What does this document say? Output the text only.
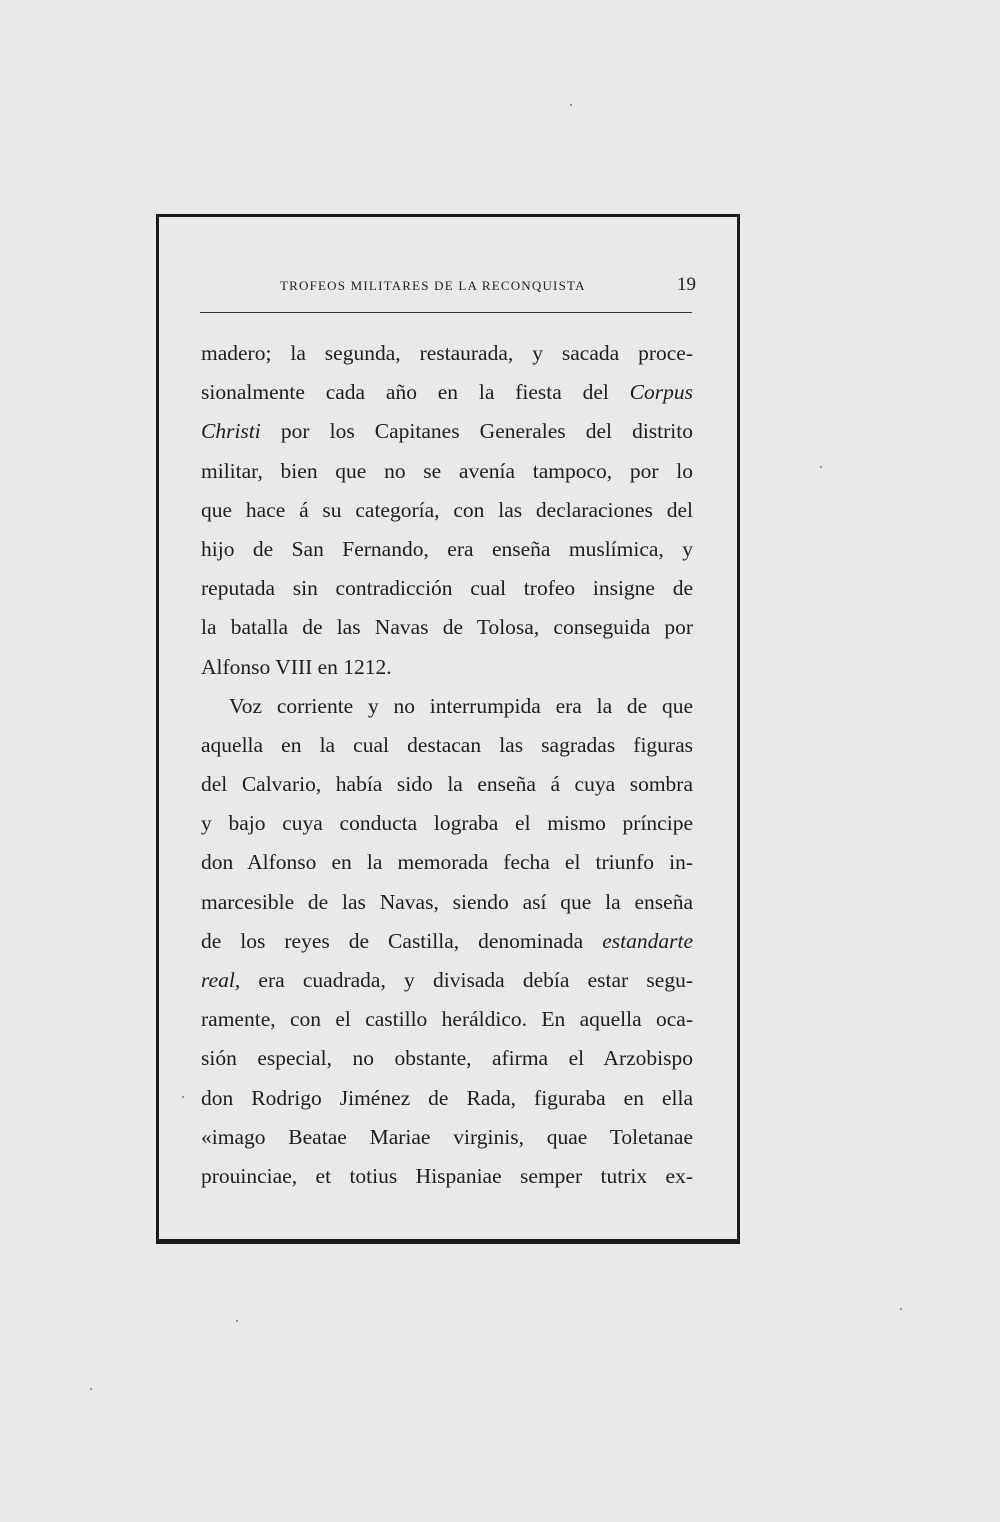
TROFEOS MILITARES DE LA RECONQUISTA	19
madero; la segunda, restaurada, y sacada proce-
sionalmente cada año en la fiesta del Corpus
Christi por los Capitanes Generales del distrito
militar, bien que no se avenía tampoco, por lo
que hace á su categoría, con las declaraciones del
hijo de San Fernando, era enseña muslímica, y
reputada sin contradicción cual trofeo insigne de
la batalla de las Navas de Tolosa, conseguida por
Alfonso VIII en 1212.
Voz corriente y no interrumpida era la de que
aquella en la cual destacan las sagradas figuras
del Calvario, había sido la enseña á cuya sombra
y bajo cuya conducta lograba el mismo príncipe
don Alfonso en la memorada fecha el triunfo in-
marcesible de las Navas, siendo así que la enseña
de los reyes de Castilla, denominada estandarte
real, era cuadrada, y divisada debía estar segu-
ramente, con el castillo heráldico. En aquella oca-
sión especial, no obstante, afirma el Arzobispo
don Rodrigo Jiménez de Rada, figuraba en ella
«imago Beatae Mariae virginis, quae Toletanae
prouinciae, et totius Hispaniae semper tutrix ex-
